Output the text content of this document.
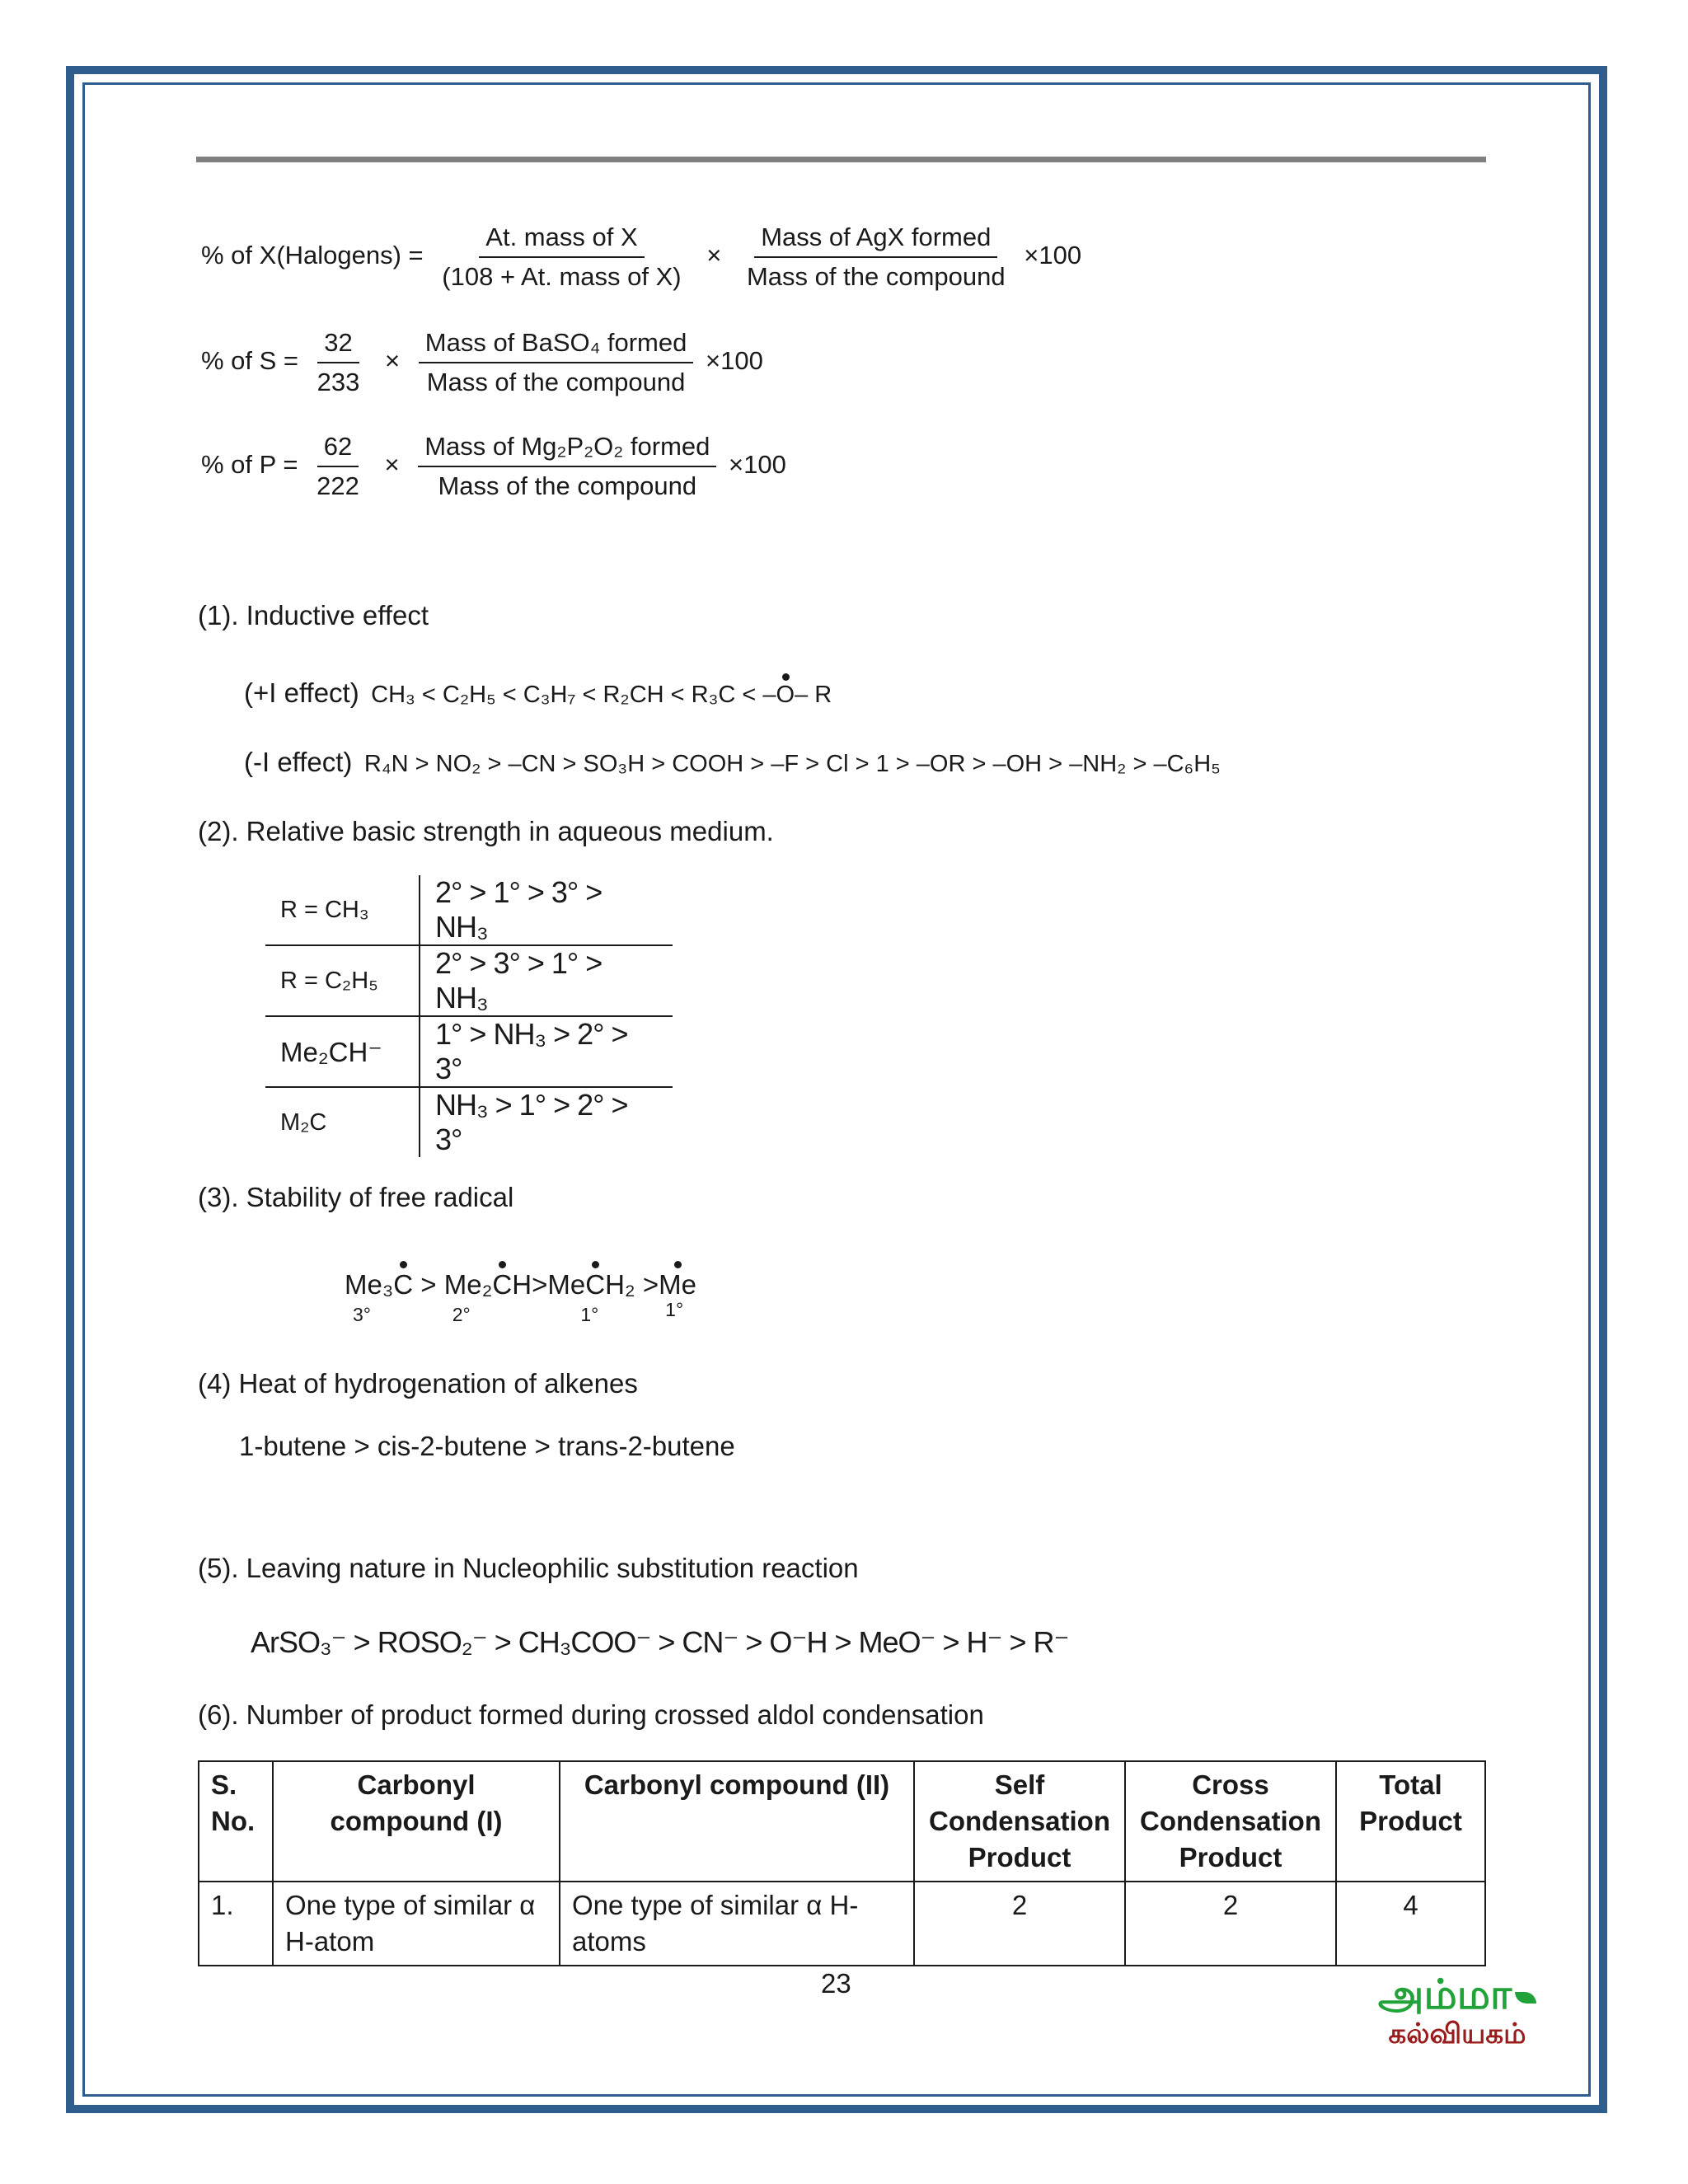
% of X(Halogens) = $\frac{\text{At. mass of X}}{\text{(108 + At. mass of X)}} \times \frac{\text{Mass of AgX formed}}{\text{Mass of the compound}} \times 100$
% of $S = \frac{32}{233} \times \frac{\text{Mass of BaSO₄ formed}}{\text{Mass of the compound}} \times 100$
% of $P = \frac{62}{222} \times \frac{\text{Mass of Mg₂P₂O₂ formed}}{\text{Mass of the compound}} \times 100$
(1). Inductive effect
(+I effect) CH₃ < C₂H₅ < C₃H₇ < R₂CH < R₃C < –O– R
(-I effect) R₄N > NO₂ > –CN > SO₃H > COOH > –F > Cl > 1 > –OR > –OH > –NH₂ > –C₆H₅
(2). Relative basic strength in aqueous medium.
R = CH₃	2° > 1° > 3° > NH₃
R = C₂H₅	2° > 3° > 1° > NH₃
Me₂CH⁻	1° > NH₃ > 2° > 3°
M₂C	NH₃ > 1° > 2° > 3°
(3). Stability of free radical
Me₃C
3°
> Me₂CH
2°
>MeCH₂
1°
>Me
1°
(4) Heat of hydrogenation of alkenes
1-butene > cis-2-butene > trans-2-butene
(5). Leaving nature in Nucleophilic substitution reaction
ArSO₃⁻ > ROSO₂⁻ > CH₃COO⁻ > CN⁻ > O⁻H > MeO⁻ > H⁻ > R⁻
(6). Number of product formed during crossed aldol condensation
S. No.	Carbonyl compound (I)	Carbonyl compound (II)	Self Condensation Product	Cross Condensation Product	Total Product
1.	One type of similar α H-atom	One type of similar α H-atoms	2	2	4
23	அம்மா
கல்வியகம்
